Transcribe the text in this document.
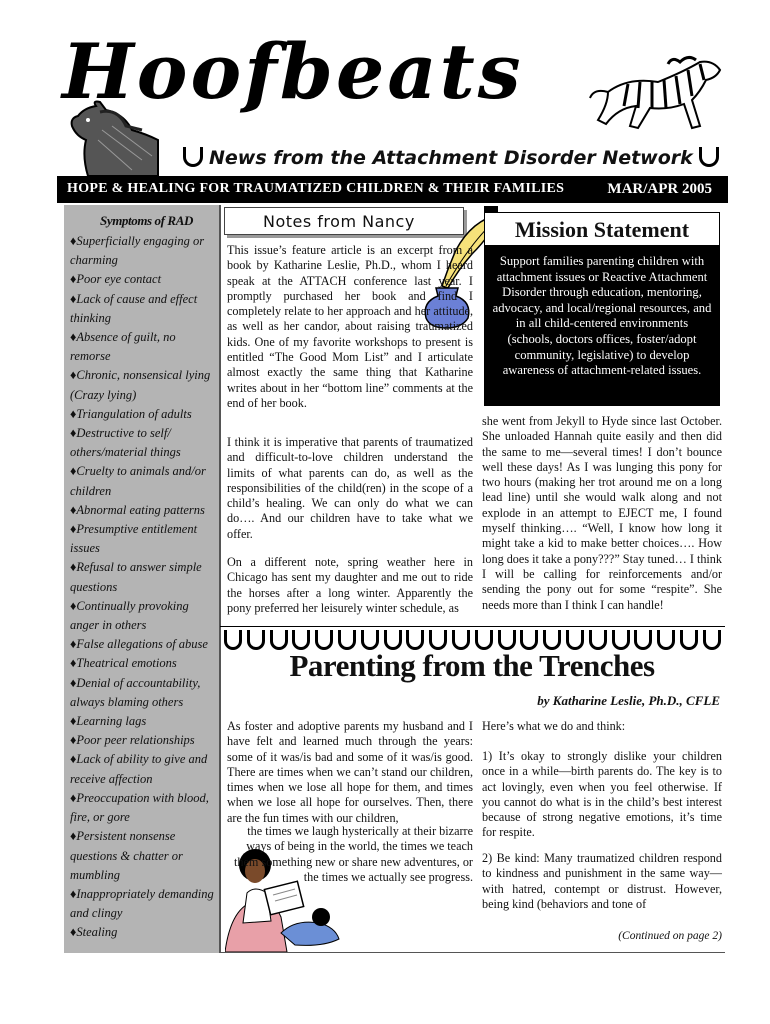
Hoofbeats
News from the Attachment Disorder Network
HOPE & HEALING FOR TRAUMATIZED CHILDREN & THEIR FAMILIES	MAR/APR 2005
Symptoms of RAD
♦Superficially engaging or charming
♦Poor eye contact
♦Lack of cause and effect thinking
♦Absence of guilt, no remorse
♦Chronic, nonsensical lying (Crazy lying)
♦Triangulation of adults
♦Destructive to self/ others/material things
♦Cruelty to animals and/or children
♦Abnormal eating patterns
♦Presumptive entitlement issues
♦Refusal to answer simple questions
♦Continually provoking anger in others
♦False allegations of abuse
♦Theatrical emotions
♦Denial of accountability, always blaming others
♦Learning lags
♦Poor peer relationships
♦Lack of ability to give and receive affection
♦Preoccupation with blood, fire, or gore
♦Persistent nonsense questions & chatter or mumbling
♦Inappropriately demanding and clingy
♦Stealing
Notes from Nancy
This issue’s feature article is an excerpt from a book by Katharine Leslie, Ph.D., whom I heard speak at the ATTACH conference last year. I promptly purchased her book and find I completely relate to her approach and her attitude, as well as her candor, about raising traumatized kids. One of my favorite workshops to present is entitled “The Good Mom List” and I articulate almost exactly the same thing that Katharine writes about in her “bottom line” comments at the end of her book.
I think it is imperative that parents of traumatized and difficult-to-love children understand the limits of what parents can do, as well as the responsibilities of the child(ren) in the scope of a child’s healing. We can only do what we can do…. And our children have to take what we offer.
On a different note, spring weather here in Chicago has sent my daughter and me out to ride the horses after a long winter. Apparently the pony preferred her leisurely winter schedule, as
Mission Statement
Support families parenting children with attachment issues or Reactive Attachment Disorder through education, mentoring, advocacy, and local/regional resources, and in all child-centered environments (schools, doctors offices, foster/adopt community, legislative) to develop awareness of attachment-related issues.
she went from Jekyll to Hyde since last October. She unloaded Hannah quite easily and then did the same to me—several times! I don’t bounce well these days! As I was lunging this pony for two hours (making her trot around me on a long lead line) until she would walk along and not explode in an attempt to EJECT me, I found myself thinking…. “Well, I know how long it might take a kid to make better choices…. How long does it take a pony???” Stay tuned… I think I will be calling for reinforcements and/or sending the pony out for some “respite”. She needs more than I think I can handle!
Parenting from the Trenches
by Katharine Leslie, Ph.D., CFLE
As foster and adoptive parents my husband and I have felt and learned much through the years: some of it was/is bad and some of it was/is good. There are times when we can’t stand our children, times when we lose all hope for them, and times when we lose all hope for ourselves. Then, there are the fun times with our children,
the times we laugh hysterically at their bizarre ways of being in the world, the times we teach them something new or share new adventures, or the times we actually see progress.
Here’s what we do and think:
1) It’s okay to strongly dislike your children once in a while—birth parents do. The key is to act lovingly, even when you feel otherwise. If you cannot do what is in the child’s best interest because of strong negative emotions, it’s time for respite.
2) Be kind: Many traumatized children respond to kindness and punishment in the same way—with hatred, contempt or distrust. However, being kind (behaviors and tone of
(Continued on page 2)
